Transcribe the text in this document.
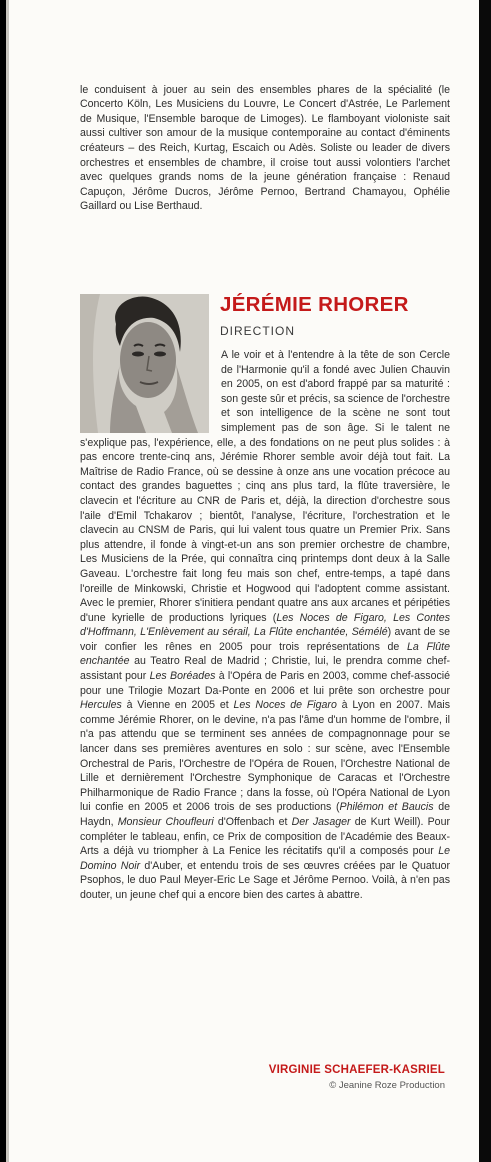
le conduisent à jouer au sein des ensembles phares de la spécialité (le Concerto Köln, Les Musiciens du Louvre, Le Concert d'Astrée, Le Parlement de Musique, l'Ensemble baroque de Limoges). Le flamboyant violoniste sait aussi cultiver son amour de la musique contemporaine au contact d'éminents créateurs – des Reich, Kurtag, Escaich ou Adès. Soliste ou leader de divers orchestres et ensembles de chambre, il croise tout aussi volontiers l'archet avec quelques grands noms de la jeune génération française : Renaud Capuçon, Jérôme Ducros, Jérôme Pernoo, Bertrand Chamayou, Ophélie Gaillard ou Lise Berthaud.

JÉRÉMIE RHORER

DIRECTION

A le voir et à l'entendre à la tête de son Cercle de l'Harmonie qu'il a fondé avec Julien Chauvin en 2005, on est d'abord frappé par sa maturité : son geste sûr et précis, sa science de l'orchestre et son intelligence de la scène ne sont tout simplement pas de son âge. Si le talent ne s'explique pas, l'expérience, elle, a des fondations on ne peut plus solides : à pas encore trente-cinq ans, Jérémie Rhorer semble avoir déjà tout fait. La Maîtrise de Radio France, où se dessine à onze ans une vocation précoce au contact des grandes baguettes ; cinq ans plus tard, la flûte traversière, le clavecin et l'écriture au CNR de Paris et, déjà, la direction d'orchestre sous l'aile d'Emil Tchakarov ; bientôt, l'analyse, l'écriture, l'orchestration et le clavecin au CNSM de Paris, qui lui valent tous quatre un Premier Prix. Sans plus attendre, il fonde à vingt-et-un ans son premier orchestre de chambre, Les Musiciens de la Prée, qui connaîtra cinq printemps dont deux à la Salle Gaveau. L'orchestre fait long feu mais son chef, entre-temps, a tapé dans l'oreille de Minkowski, Christie et Hogwood qui l'adoptent comme assistant. Avec le premier, Rhorer s'initiera pendant quatre ans aux arcanes et péripéties d'une kyrielle de productions lyriques (Les Noces de Figaro, Les Contes d'Hoffmann, L'Enlèvement au sérail, La Flûte enchantée, Sémélé) avant de se voir confier les rênes en 2005 pour trois représentations de La Flûte enchantée au Teatro Real de Madrid ; Christie, lui, le prendra comme chef-assistant pour Les Boréades à l'Opéra de Paris en 2003, comme chef-associé pour une Trilogie Mozart Da-Ponte en 2006 et lui prête son orchestre pour Hercules à Vienne en 2005 et Les Noces de Figaro à Lyon en 2007. Mais comme Jérémie Rhorer, on le devine, n'a pas l'âme d'un homme de l'ombre, il n'a pas attendu que se terminent ses années de compagnonnage pour se lancer dans ses premières aventures en solo : sur scène, avec l'Ensemble Orchestral de Paris, l'Orchestre de l'Opéra de Rouen, l'Orchestre National de Lille et dernièrement l'Orchestre Symphonique de Caracas et l'Orchestre Philharmonique de Radio France ; dans la fosse, où l'Opéra National de Lyon lui confie en 2005 et 2006 trois de ses productions (Philémon et Baucis de Haydn, Monsieur Choufleuri d'Offenbach et Der Jasager de Kurt Weill). Pour compléter le tableau, enfin, ce Prix de composition de l'Académie des Beaux-Arts a déjà vu triompher à La Fenice les récitatifs qu'il a composés pour Le Domino Noir d'Auber, et entendu trois de ses œuvres créées par le Quatuor Psophos, le duo Paul Meyer-Eric Le Sage et Jérôme Pernoo. Voilà, à n'en pas douter, un jeune chef qui a encore bien des cartes à abattre.

VIRGINIE SCHAEFER-KASRIEL

© Jeanine Roze Production
